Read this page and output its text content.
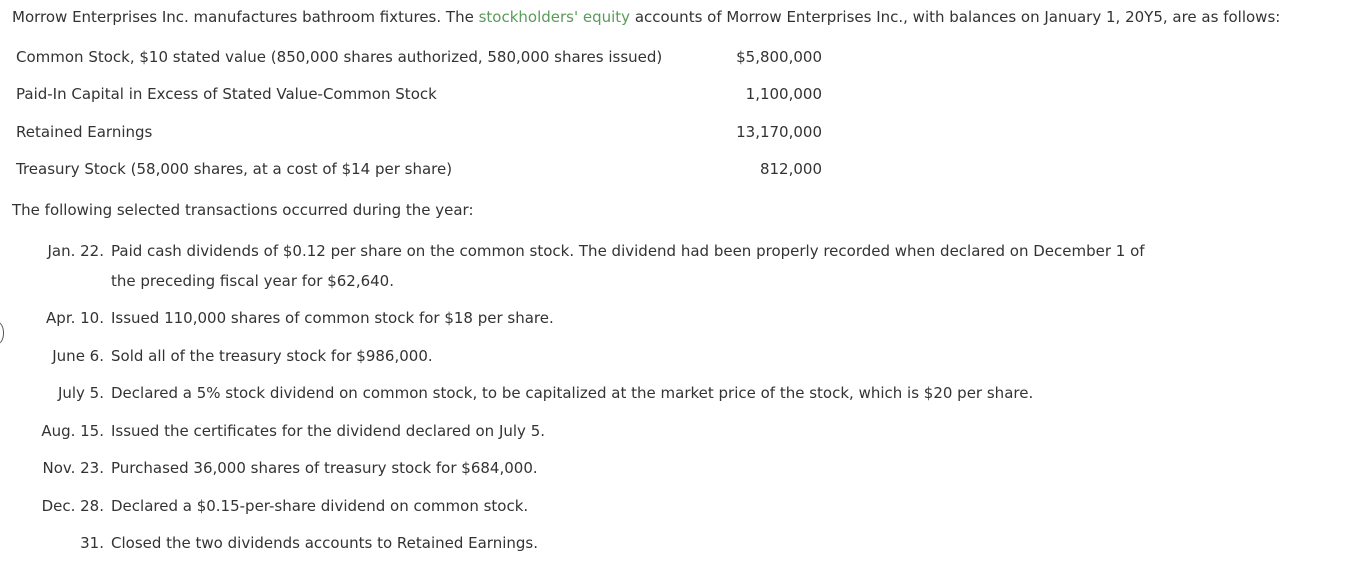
Morrow Enterprises Inc. manufactures bathroom fixtures. The stockholders' equity accounts of Morrow Enterprises Inc., with balances on January 1, 20Y5, are as follows:
Common Stock, $10 stated value (850,000 shares authorized, 580,000 shares issued)	$5,800,000
Paid-In Capital in Excess of Stated Value-Common Stock	1,100,000
Retained Earnings	13,170,000
Treasury Stock (58,000 shares, at a cost of $14 per share)	812,000
The following selected transactions occurred during the year:
Jan. 22. Paid cash dividends of $0.12 per share on the common stock. The dividend had been properly recorded when declared on December 1 of
the preceding fiscal year for $62,640.
Apr. 10. Issued 110,000 shares of common stock for $18 per share.
June 6. Sold all of the treasury stock for $986,000.
July 5. Declared a 5% stock dividend on common stock, to be capitalized at the market price of the stock, which is $20 per share.
Aug. 15. Issued the certificates for the dividend declared on July 5.
Nov. 23. Purchased 36,000 shares of treasury stock for $684,000.
Dec. 28. Declared a $0.15-per-share dividend on common stock.
31. Closed the two dividends accounts to Retained Earnings.
